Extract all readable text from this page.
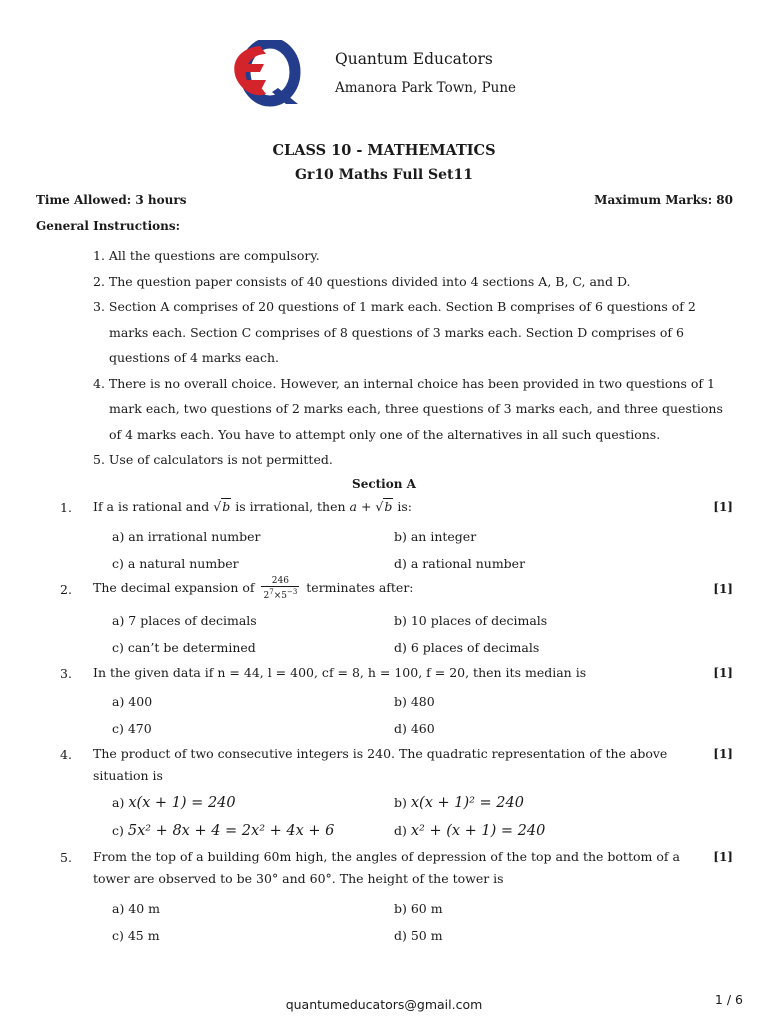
Quantum Educators
Amanora Park Town, Pune
CLASS 10 - MATHEMATICS
Gr10 Maths Full Set11
Time Allowed: 3 hours	Maximum Marks: 80
General Instructions:

1. All the questions are compulsory.

2. The question paper consists of 40 questions divided into 4 sections A, B, C, and D.

3. Section A comprises of 20 questions of 1 mark each. Section B comprises of 6 questions of 2 marks each. Section C comprises of 8 questions of 3 marks each. Section D comprises of 6 questions of 4 marks each.

4. There is no overall choice. However, an internal choice has been provided in two questions of 1 mark each, two questions of 2 marks each, three questions of 3 marks each, and three questions of 4 marks each. You have to attempt only one of the alternatives in all such questions.

5. Use of calculators is not permitted.

Section A
1. If a is rational and √b is irrational, then a + √b is:	[1]
a) an irrational number	b) an integer
c) a natural number	d) a rational number
2. The decimal expansion of $\frac{246}{2^7\times 5^{-3}}$ terminates after:	[1]
a) 7 places of decimals	b) 10 places of decimals
c) can’t be determined	d) 6 places of decimals
3. In the given data if n = 44, l = 400, cf = 8, h = 100, f = 20, then its median is	[1]
a) 400	b) 480
c) 470	d) 460
4. The product of two consecutive integers is 240. The quadratic representation of the above situation is
[1]
a) x(x + 1) = 240	b) x(x + 1)² = 240
c) 5x² + 8x + 4 = 2x² + 4x + 6	d) x² + (x + 1) = 240
5. From the top of a building 60m high, the angles of depression of the top and the bottom of a tower are observed to be 30° and 60°. The height of the tower is
[1]
a) 40 m	b) 60 m
c) 45 m	d) 50 m
quantumeducators@gmail.com	1 / 6
